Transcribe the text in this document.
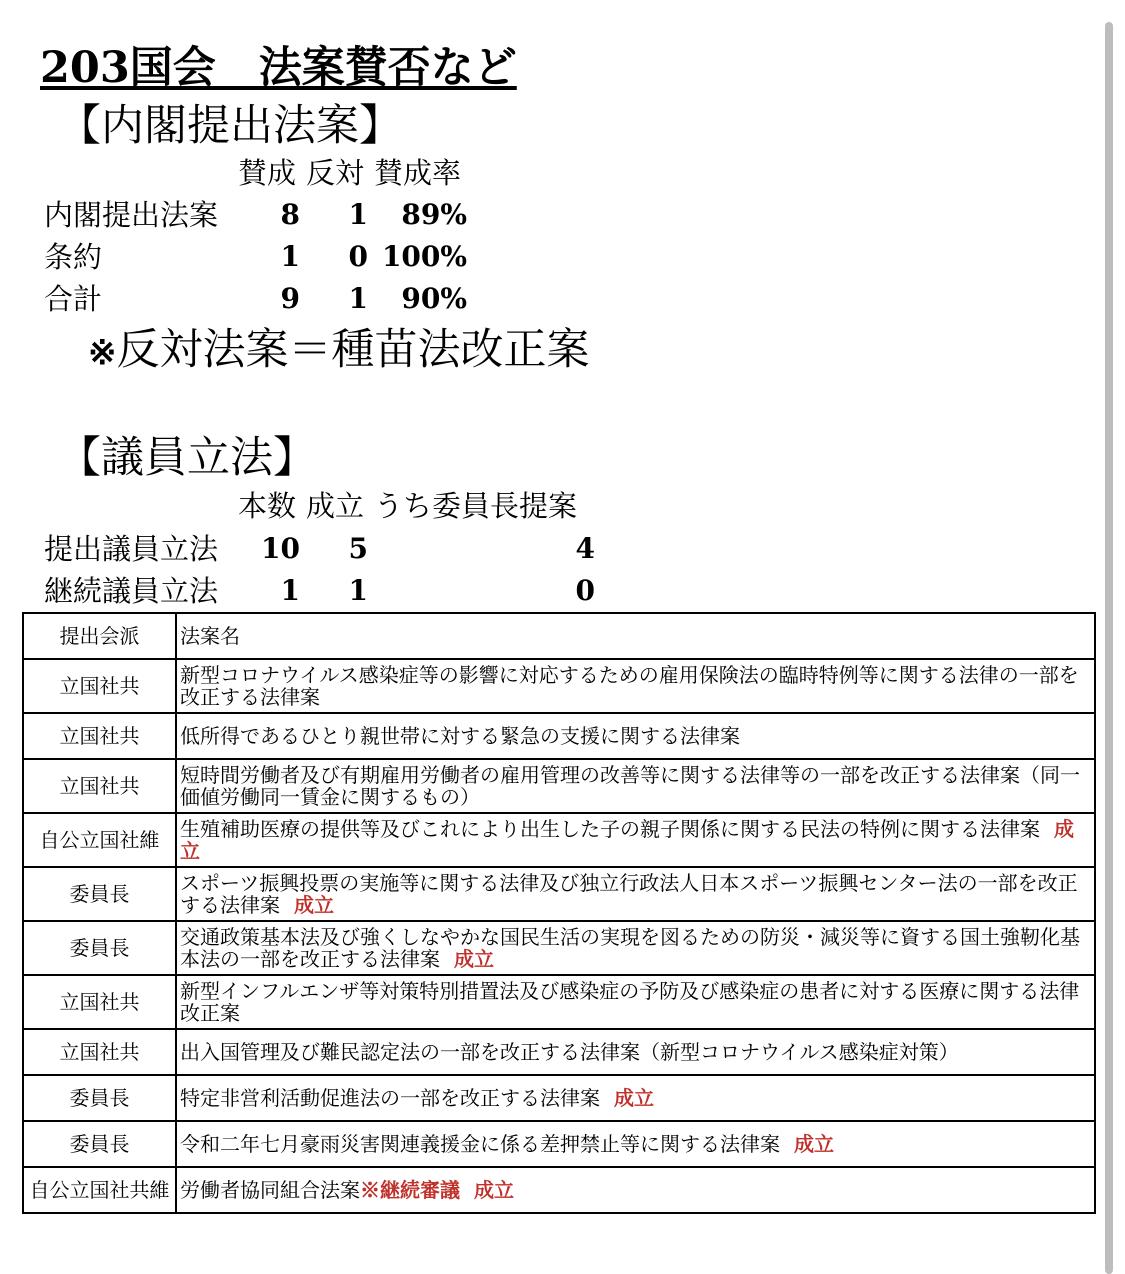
203国会　法案賛否など
【内閣提出法案】
賛成 反対 賛成率
内閣提出法案	8	1	89%
条約	1	0 100%
合計	9	1	90%
※反対法案＝種苗法改正案
【議員立法】
本数 成立 うち委員長提案
提出議員立法	10	5	4
継続議員立法	1	1	0
提出会派	法案名
立国社共	新型コロナウイルス感染症等の影響に対応するための雇用保険法の臨時特例等に関する法律の一部を改正する法律案
立国社共	低所得であるひとり親世帯に対する緊急の支援に関する法律案
立国社共	短時間労働者及び有期雇用労働者の雇用管理の改善等に関する法律等の一部を改正する法律案（同一価値労働同一賃金に関するもの）
自公立国社維	生殖補助医療の提供等及びこれにより出生した子の親子関係に関する民法の特例に関する法律案 成立
委員長	スポーツ振興投票の実施等に関する法律及び独立行政法人日本スポーツ振興センター法の一部を改正する法律案 成立
委員長	交通政策基本法及び強くしなやかな国民生活の実現を図るための防災・減災等に資する国土強靭化基本法の一部を改正する法律案 成立
立国社共	新型インフルエンザ等対策特別措置法及び感染症の予防及び感染症の患者に対する医療に関する法律改正案
立国社共	出入国管理及び難民認定法の一部を改正する法律案（新型コロナウイルス感染症対策）
委員長	特定非営利活動促進法の一部を改正する法律案 成立
委員長	令和二年七月豪雨災害関連義援金に係る差押禁止等に関する法律案 成立
自公立国社共維	労働者協同組合法案※継続審議 成立
